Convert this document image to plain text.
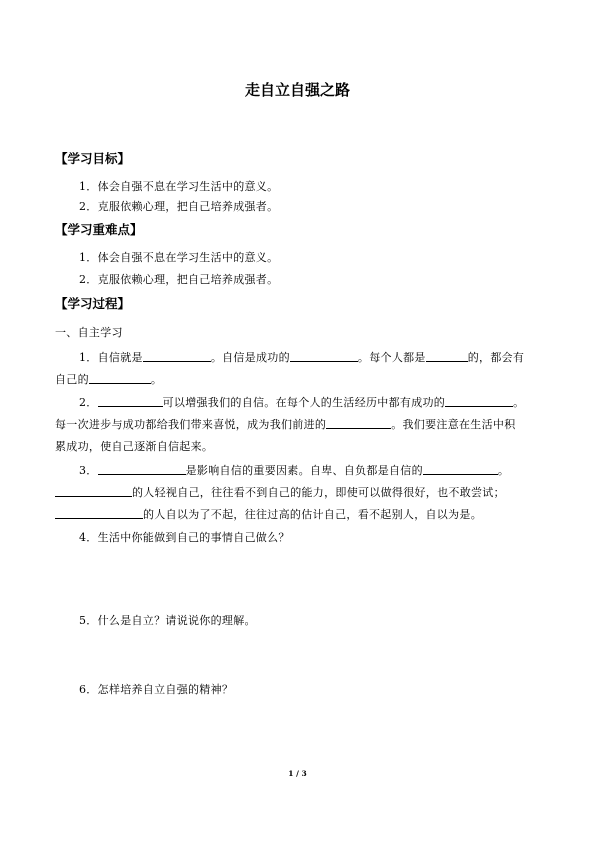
走自立自强之路
【学习目标】
1．体会自强不息在学习生活中的意义。
2．克服依赖心理，把自己培养成强者。
【学习重难点】
1．体会自强不息在学习生活中的意义。
2．克服依赖心理，把自己培养成强者。
【学习过程】
一、自主学习
1．自信就是	。自信是成功的	。每个人都是	的，都会有
自己的	。
2．	可以增强我们的自信。在每个人的生活经历中都有成功的	。
每一次进步与成功都给我们带来喜悦，成为我们前进的	。我们要注意在生活中积
累成功，使自己逐渐自信起来。
3．	是影响自信的重要因素。自卑、自负都是自信的	。
的人轻视自己，往往看不到自己的能力，即使可以做得很好，也不敢尝试；
的人自以为了不起，往往过高的估计自己，看不起别人，自以为是。
4．生活中你能做到自己的事情自己做么？
5．什么是自立？请说说你的理解。
6．怎样培养自立自强的精神？
1 / 3
